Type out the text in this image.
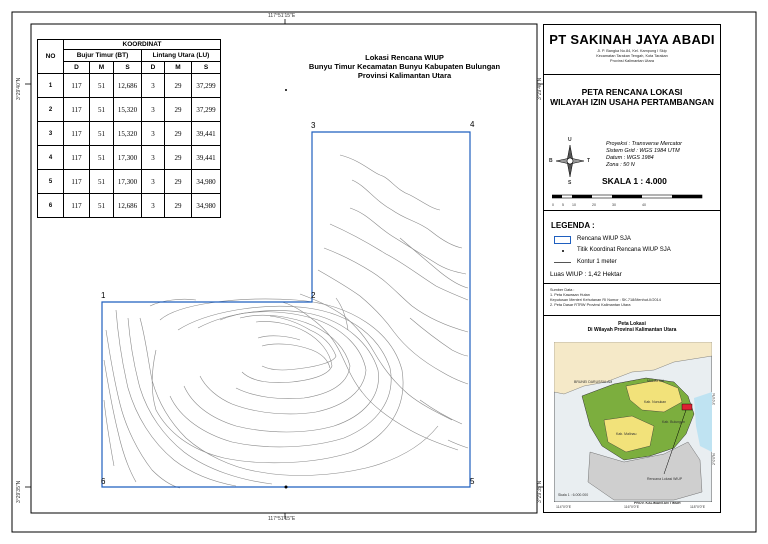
117°51'15"E
117°51'15"E
3°29'40"N
3°29'35"N
3°29'40"N
3°29'35"N
NO	KOORDINAT					
	Bujur Timur (BT)			Lintang Utara (LU)		
	D	M	S	D	M	S
1	117	51	12,686	3	29	37,299
2	117	51	15,320	3	29	37,299
3	117	51	15,320	3	29	39,441
4	117	51	17,300	3	29	39,441
5	117	51	17,300	3	29	34,980
6	117	51	12,686	3	29	34,980
Lokasi Rencana WIUP
Bunyu Timur Kecamatan Bunyu Kabupaten Bulungan
Provinsi Kalimantan Utara
1	2
3	4
5
6
PT SAKINAH JAYA ABADI
Jl. P. Bangka No.84, Kel. Kampung I Skip
Kecamatan Tarakan Tengah, Kota Tarakan
Provinsi Kalimantan Utara
PETA RENCANA LOKASI
WILAYAH IZIN USAHA PERTAMBANGAN
U
S
T
B
Proyeksi : Transverse Mercator
Sistem Grid : WGS 1984 UTM
Datum : WGS 1984
Zona : 50 N
SKALA 1 : 4.000
0 5 10	20	30	40
LEGENDA :
Rencana WIUP SJA
Titik Koordinat Rencana WIUP SJA
Kontur 1 meter
Luas WIUP : 1,42 Hektar
Sumber Data :
1. Peta Kawasan Hutan
Keputusan Menteri Kehutanan RI Nomor : SK.718/Menhut-II/2014
2. Peta Dasar RTRW Provinsi Kalimantan Utara
Peta Lokasi
Di Wilayah Provinsi Kalimantan Utara
MALAYSIA
BRUNEI DARUSSALAM
Kab. Bulungan
Kab. Malinau
Kab. Nunukan
Rencana Lokasi WIUP
PROV. KALIMANTAN TIMUR
Skala 1 : 6.000.000
114°0'0"E	116°0'0"E	118°0'0"E
3°0'0"N
2°0'0"N
